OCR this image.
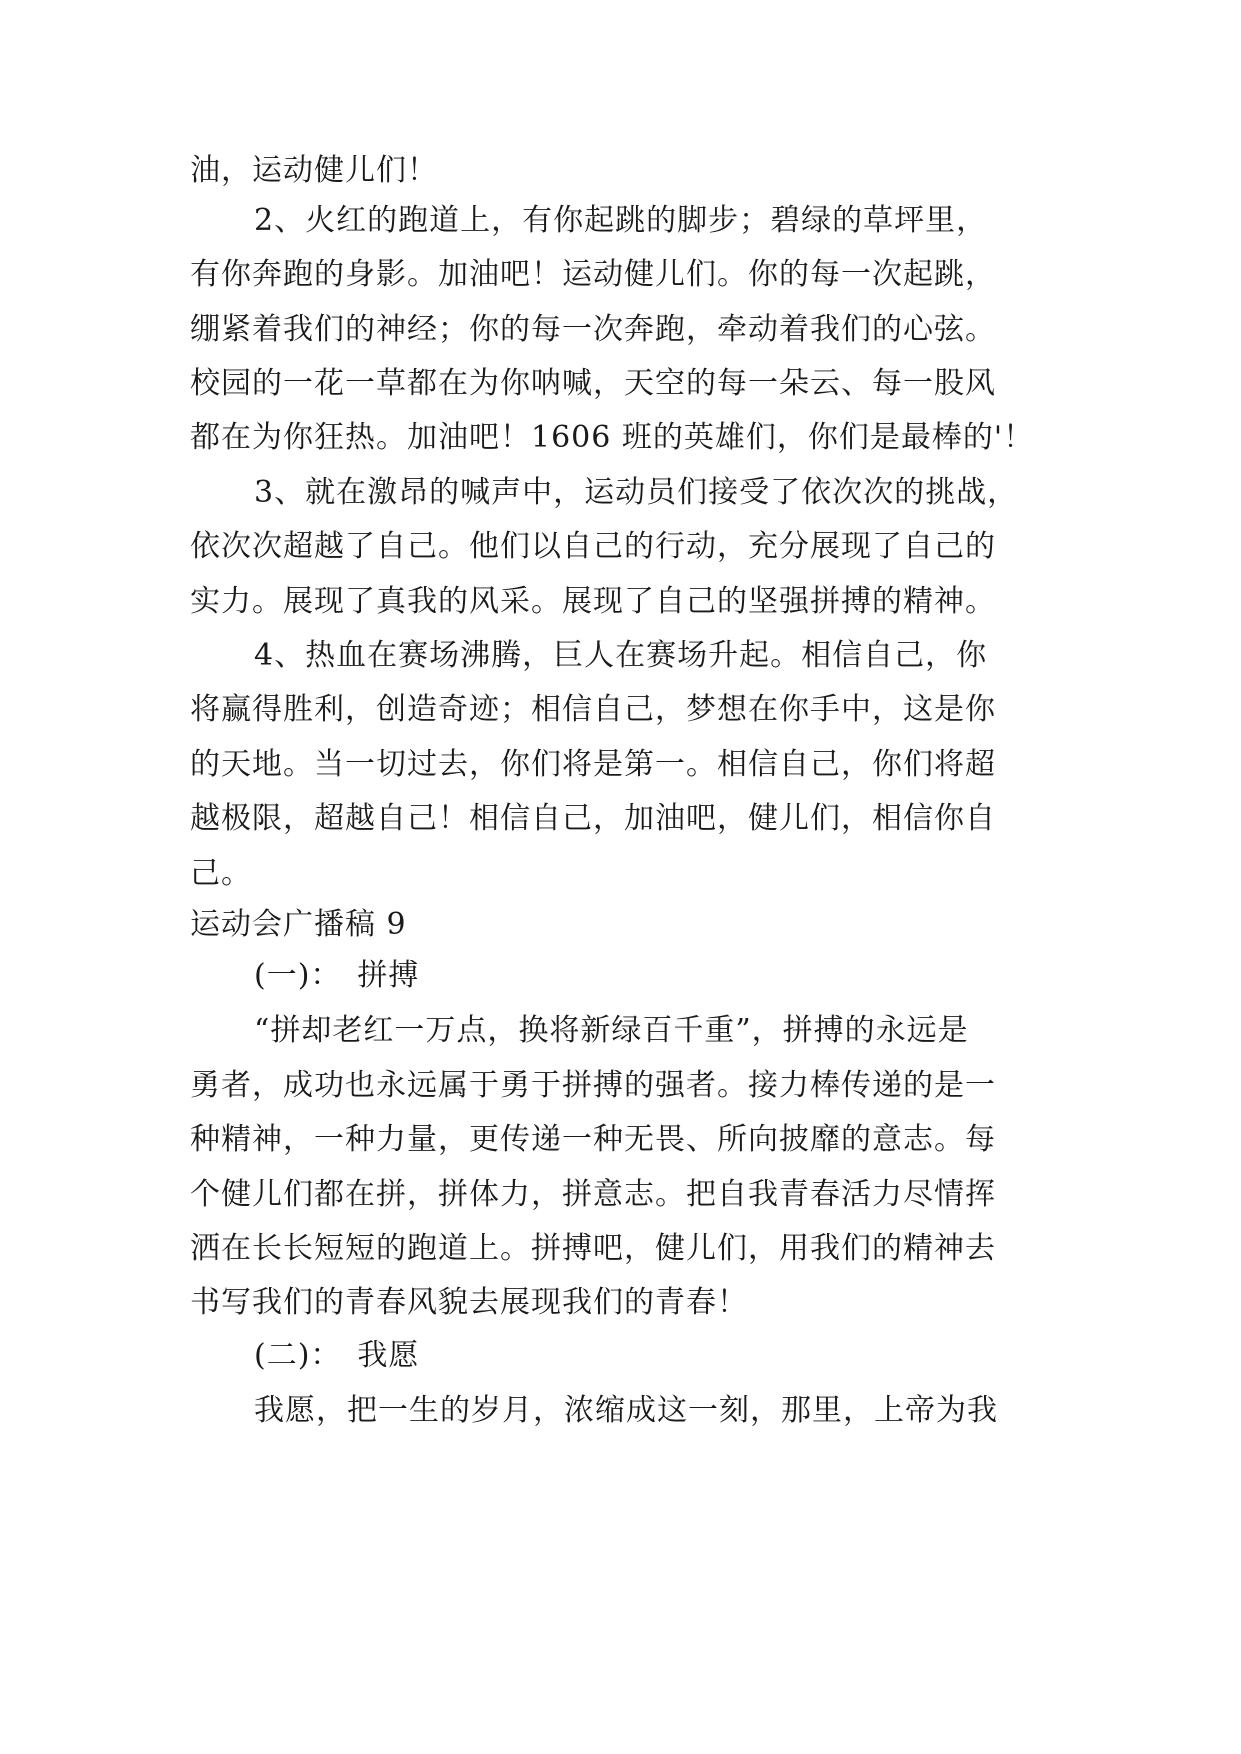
油，运动健儿们！
2、火红的跑道上，有你起跳的脚步；碧绿的草坪里，
有你奔跑的身影。加油吧！运动健儿们。你的每一次起跳，
绷紧着我们的神经；你的每一次奔跑，牵动着我们的心弦。
校园的一花一草都在为你呐喊，天空的每一朵云、每一股风
都在为你狂热。加油吧！1606 班的英雄们，你们是最棒的'！
3、就在激昂的喊声中，运动员们接受了依次次的挑战，
依次次超越了自己。他们以自己的行动，充分展现了自己的
实力。展现了真我的风采。展现了自己的坚强拼搏的精神。
4、热血在赛场沸腾，巨人在赛场升起。相信自己，你
将赢得胜利，创造奇迹；相信自己，梦想在你手中，这是你
的天地。当一切过去，你们将是第一。相信自己，你们将超
越极限，超越自己！相信自己，加油吧，健儿们，相信你自
己。
运动会广播稿 9
(一)：　拼搏
“拼却老红一万点，换将新绿百千重”，拼搏的永远是
勇者，成功也永远属于勇于拼搏的强者。接力棒传递的是一
种精神，一种力量，更传递一种无畏、所向披靡的意志。每
个健儿们都在拼，拼体力，拼意志。把自我青春活力尽情挥
洒在长长短短的跑道上。拼搏吧，健儿们，用我们的精神去
书写我们的青春风貌去展现我们的青春！
(二)：　我愿
我愿，把一生的岁月，浓缩成这一刻，那里，上帝为我
